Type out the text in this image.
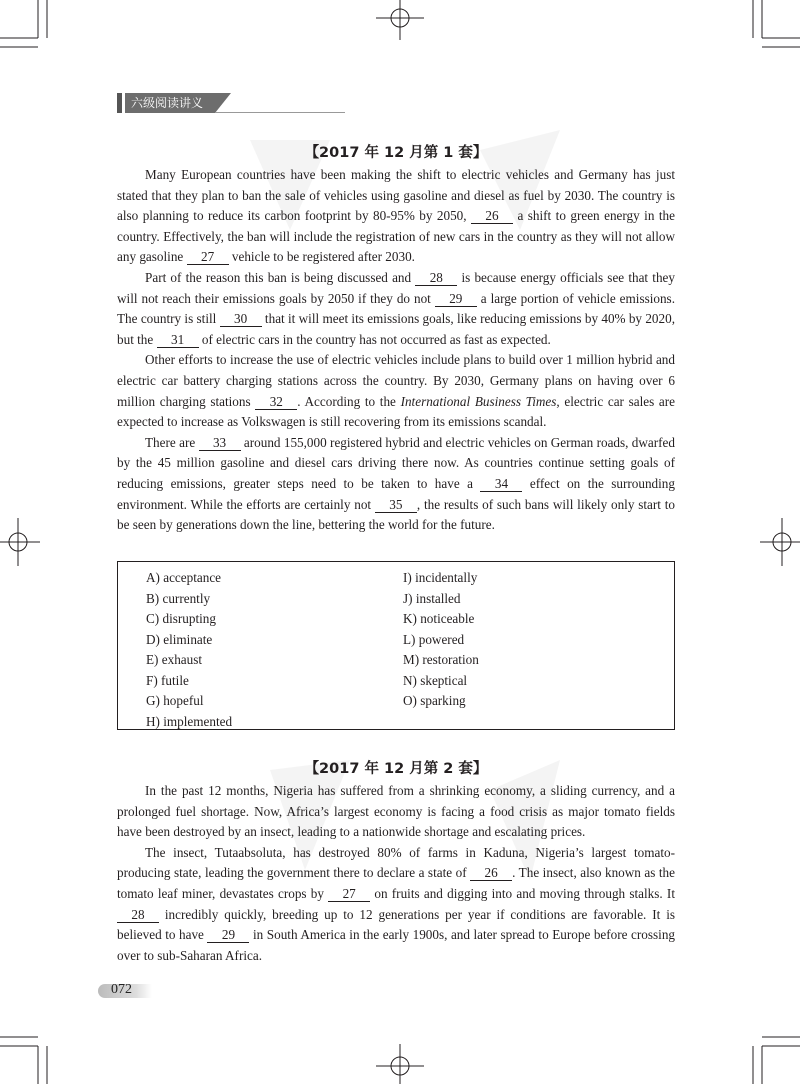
六级阅读讲义
【2017 年 12 月第 1 套】

Many European countries have been making the shift to electric vehicles and Germany has just stated that they plan to ban the sale of vehicles using gasoline and diesel as fuel by 2030. The country is also planning to reduce its carbon footprint by 80-95% by 2050, 26 a shift to green energy in the country. Effectively, the ban will include the registration of new cars in the country as they will not allow any gasoline 27 vehicle to be registered after 2030.

Part of the reason this ban is being discussed and 28 is because energy officials see that they will not reach their emissions goals by 2050 if they do not 29 a large portion of vehicle emissions. The country is still 30 that it will meet its emissions goals, like reducing emissions by 40% by 2020, but the 31 of electric cars in the country has not occurred as fast as expected.

Other efforts to increase the use of electric vehicles include plans to build over 1 million hybrid and electric car battery charging stations across the country. By 2030, Germany plans on having over 6 million charging stations 32 . According to the International Business Times, electric car sales are expected to increase as Volkswagen is still recovering from its emissions scandal.

There are 33 around 155,000 registered hybrid and electric vehicles on German roads, dwarfed by the 45 million gasoline and diesel cars driving there now. As countries continue setting goals of reducing emissions, greater steps need to be taken to have a 34 effect on the surrounding environment. While the efforts are certainly not 35 , the results of such bans will likely only start to be seen by generations down the line, bettering the world for the future.

A) acceptance
B) currently
C) disrupting
D) eliminate
E) exhaust
F) futile
G) hopeful
H) implemented
I) incidentally
J) installed
K) noticeable
L) powered
M) restoration
N) skeptical
O) sparking
【2017 年 12 月第 2 套】

In the past 12 months, Nigeria has suffered from a shrinking economy, a sliding currency, and a prolonged fuel shortage. Now, Africa’s largest economy is facing a food crisis as major tomato fields have been destroyed by an insect, leading to a nationwide shortage and escalating prices.

The insect, Tutaabsoluta, has destroyed 80% of farms in Kaduna, Nigeria’s largest tomato-producing state, leading the government there to declare a state of 26 . The insect, also known as the tomato leaf miner, devastates crops by 27 on fruits and digging into and moving through stalks. It 28 incredibly quickly, breeding up to 12 generations per year if conditions are favorable. It is believed to have 29 in South America in the early 1900s, and later spread to Europe before crossing over to sub-Saharan Africa.

072
